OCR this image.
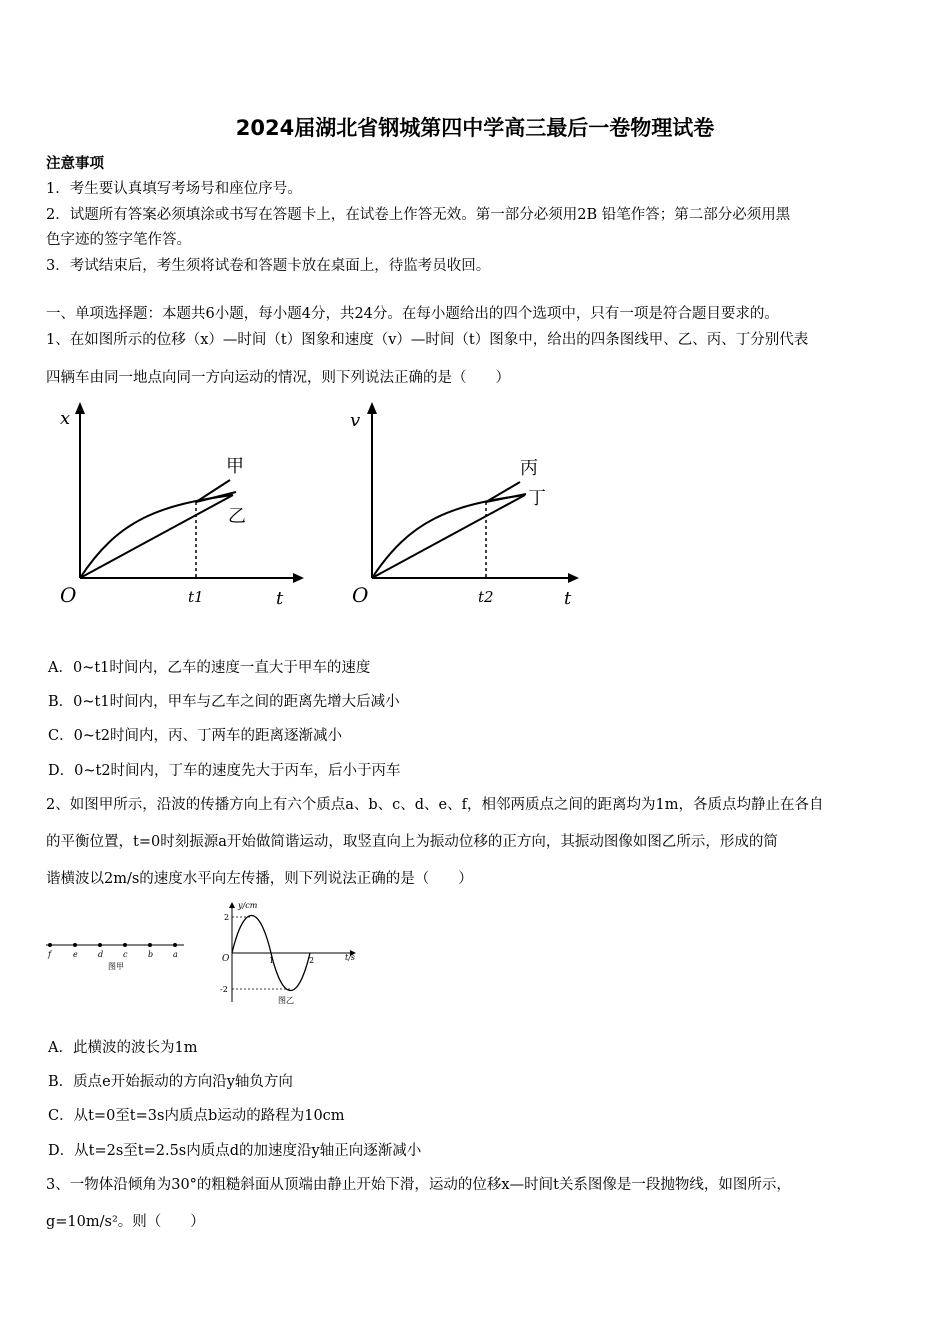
2024届湖北省钢城第四中学高三最后一卷物理试卷
注意事项
1．考生要认真填写考场号和座位序号。
2．试题所有答案必须填涂或书写在答题卡上，在试卷上作答无效。第一部分必须用2B 铅笔作答；第二部分必须用黑
色字迹的签字笔作答。
3．考试结束后，考生须将试卷和答题卡放在桌面上，待监考员收回。
一、单项选择题：本题共6小题，每小题4分，共24分。在每小题给出的四个选项中，只有一项是符合题目要求的。
1、在如图所示的位移（x）—时间（t）图象和速度（v）—时间（t）图象中，给出的四条图线甲、乙、丙、丁分别代表
四辆车由同一地点向同一方向运动的情况，则下列说法正确的是（　　）
x
O	t
t1
甲
乙
v
O	t
t2
丙
丁
A．0~t1时间内，乙车的速度一直大于甲车的速度
B．0~t1时间内，甲车与乙车之间的距离先增大后减小
C．0~t2时间内，丙、丁两车的距离逐渐减小
D．0~t2时间内，丁车的速度先大于丙车，后小于丙车
2、如图甲所示，沿波的传播方向上有六个质点a、b、c、d、e、f，相邻两质点之间的距离均为1m，各质点均静止在各自
的平衡位置，t=0时刻振源a开始做简谐运动，取竖直向上为振动位移的正方向，其振动图像如图乙所示，形成的简
谐横波以2m/s的速度水平向左传播，则下列说法正确的是（　　）
f	e	d c	b a
图甲
y/cm
t/s
O
2
-2
1	2
图乙
A．此横波的波长为1m
B．质点e开始振动的方向沿y轴负方向
C．从t=0至t=3s内质点b运动的路程为10cm
D．从t=2s至t=2.5s内质点d的加速度沿y轴正向逐渐减小
3、一物体沿倾角为30°的粗糙斜面从顶端由静止开始下滑，运动的位移x—时间t关系图像是一段抛物线，如图所示，
g=10m/s²。则（　　）
